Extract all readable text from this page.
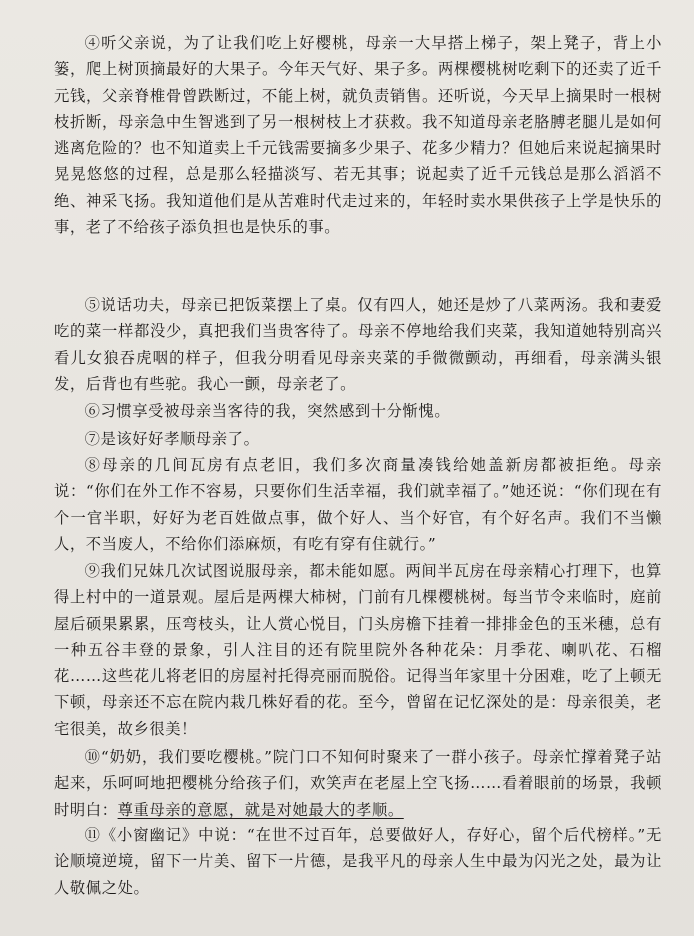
④听父亲说，为了让我们吃上好樱桃，母亲一大早搭上梯子，架上凳子，背上小篓，爬上树顶摘最好的大果子。今年天气好、果子多。两棵樱桃树吃剩下的还卖了近千元钱，父亲脊椎骨曾跌断过，不能上树，就负责销售。还听说，今天早上摘果时一根树枝折断，母亲急中生智逃到了另一根树枝上才获救。我不知道母亲老胳膊老腿儿是如何逃离危险的？也不知道卖上千元钱需要摘多少果子、花多少精力？但她后来说起摘果时晃晃悠悠的过程，总是那么轻描淡写、若无其事；说起卖了近千元钱总是那么滔滔不绝、神采飞扬。我知道他们是从苦难时代走过来的，年轻时卖水果供孩子上学是快乐的事，老了不给孩子添负担也是快乐的事。

⑤说话功夫，母亲已把饭菜摆上了桌。仅有四人，她还是炒了八菜两汤。我和妻爱吃的菜一样都没少，真把我们当贵客待了。母亲不停地给我们夹菜，我知道她特别高兴看儿女狼吞虎咽的样子，但我分明看见母亲夹菜的手微微颤动，再细看，母亲满头银发，后背也有些驼。我心一颤，母亲老了。

⑥习惯享受被母亲当客待的我，突然感到十分惭愧。

⑦是该好好孝顺母亲了。

⑧母亲的几间瓦房有点老旧，我们多次商量凑钱给她盖新房都被拒绝。母亲说：“你们在外工作不容易，只要你们生活幸福，我们就幸福了。”她还说：“你们现在有个一官半职，好好为老百姓做点事，做个好人、当个好官，有个好名声。我们不当懒人，不当废人，不给你们添麻烦，有吃有穿有住就行。”

⑨我们兄妹几次试图说服母亲，都未能如愿。两间半瓦房在母亲精心打理下，也算得上村中的一道景观。屋后是两棵大柿树，门前有几棵樱桃树。每当节令来临时，庭前屋后硕果累累，压弯枝头，让人赏心悦目，门头房檐下挂着一排排金色的玉米穗，总有一种五谷丰登的景象，引人注目的还有院里院外各种花朵：月季花、喇叭花、石榴花……这些花儿将老旧的房屋衬托得亮丽而脱俗。记得当年家里十分困难，吃了上顿无下顿，母亲还不忘在院内栽几株好看的花。至今，曾留在记忆深处的是：母亲很美，老宅很美，故乡很美！

⑩“奶奶，我们要吃樱桃。”院门口不知何时聚来了一群小孩子。母亲忙撑着凳子站起来，乐呵呵地把樱桃分给孩子们，欢笑声在老屋上空飞扬……看着眼前的场景，我顿时明白：尊重母亲的意愿，就是对她最大的孝顺。

⑪《小窗幽记》中说：“在世不过百年，总要做好人，存好心，留个后代榜样。”无论顺境逆境，留下一片美、留下一片德，是我平凡的母亲人生中最为闪光之处，最为让人敬佩之处。
